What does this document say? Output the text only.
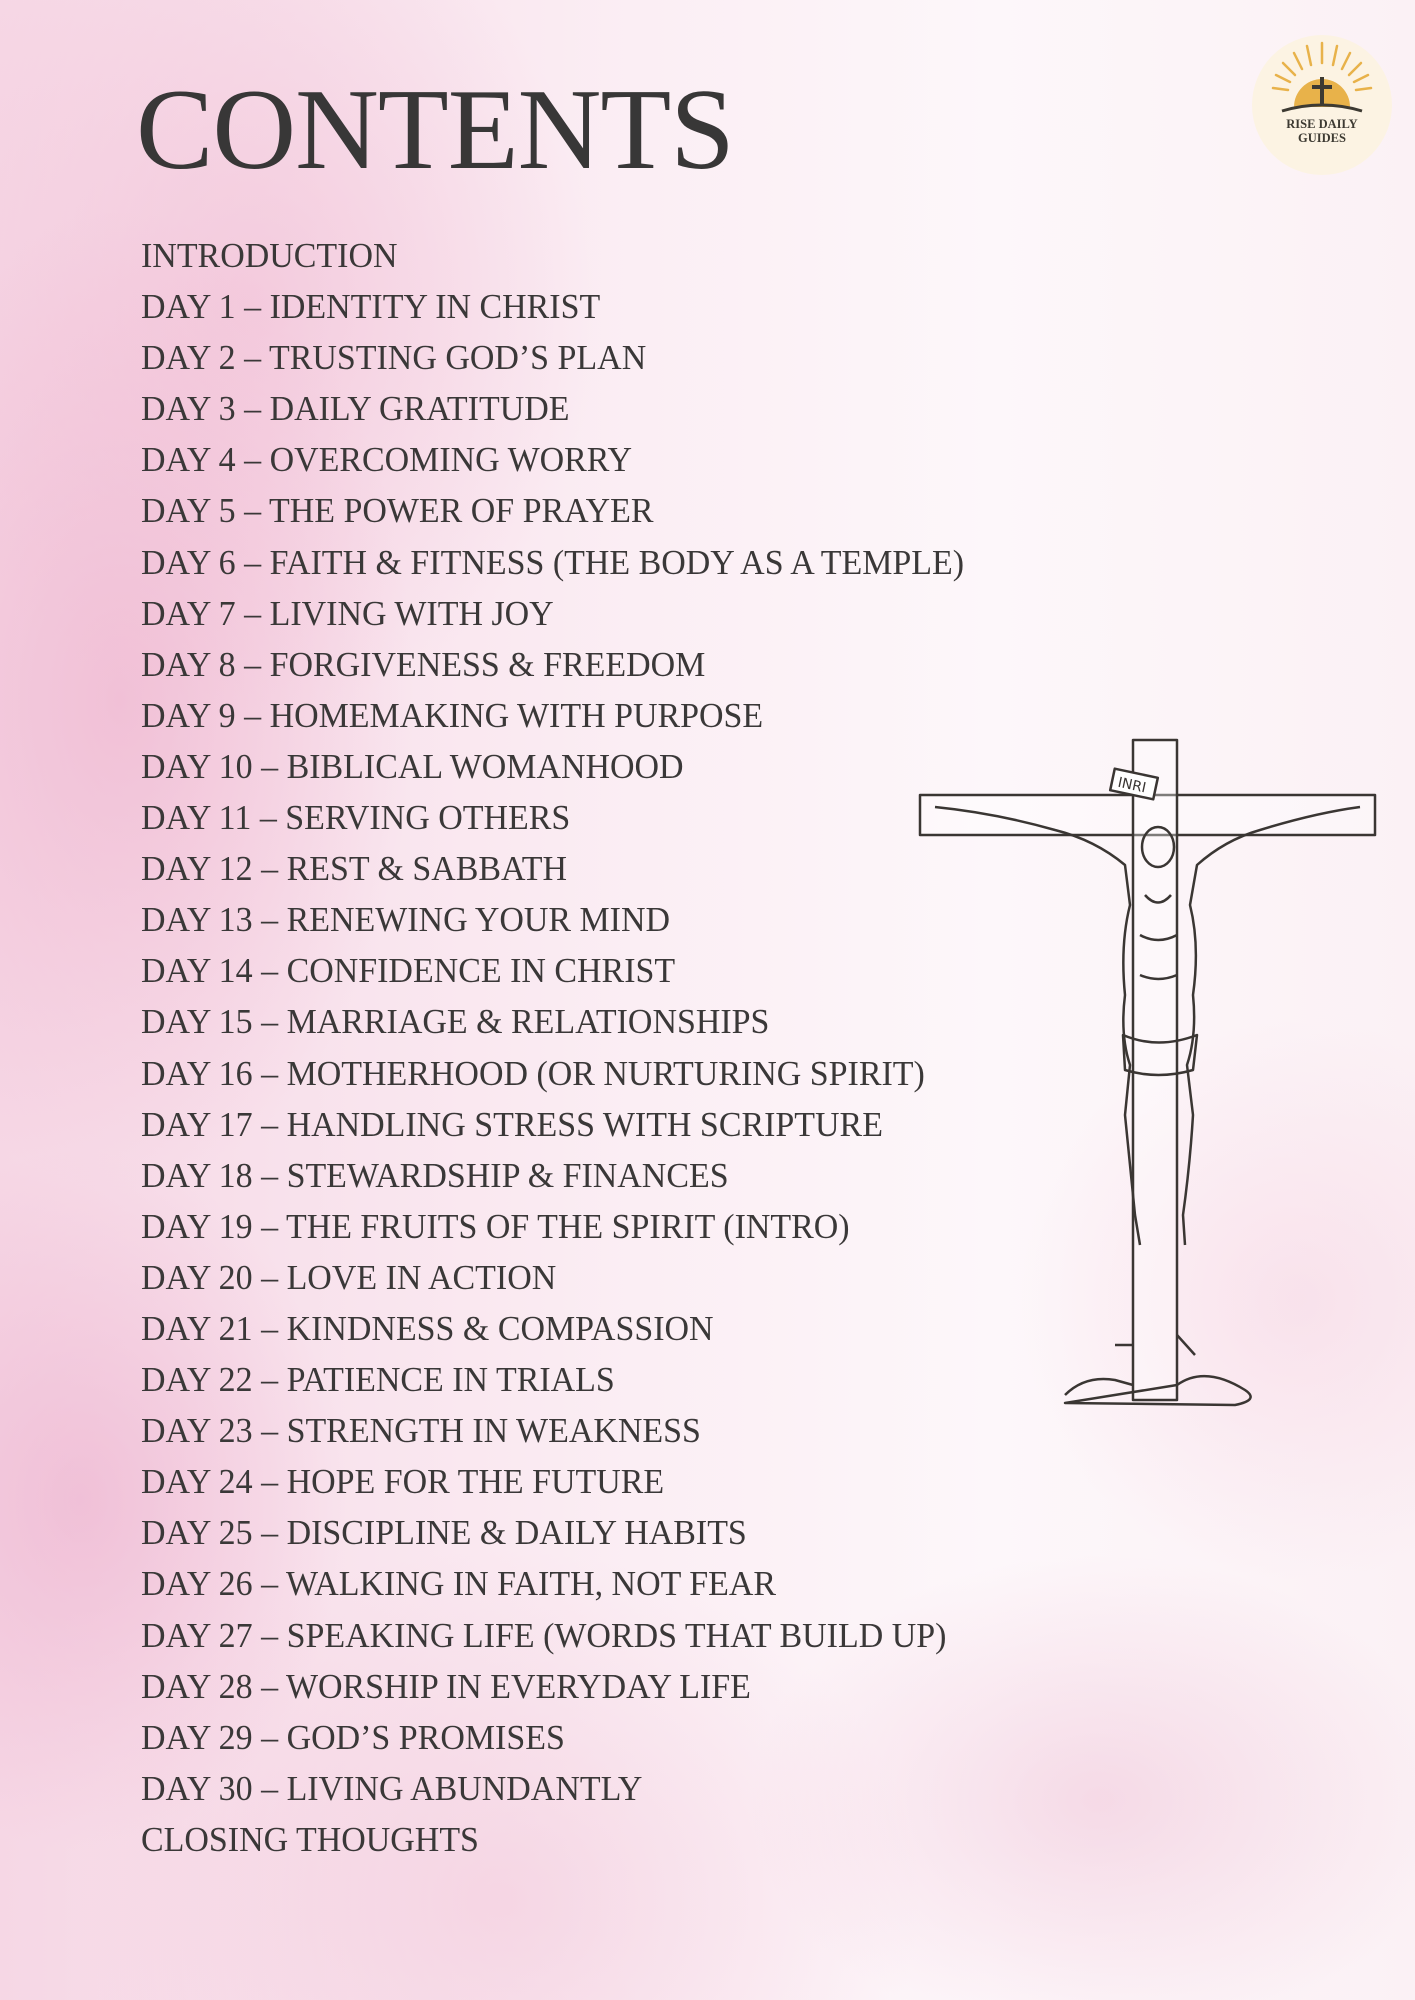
RISE DAILY
GUIDES
CONTENTS
INTRODUCTION
DAY 1 – IDENTITY IN CHRIST
DAY 2 – TRUSTING GOD’S PLAN
DAY 3 – DAILY GRATITUDE
DAY 4 – OVERCOMING WORRY
DAY 5 – THE POWER OF PRAYER
DAY 6 – FAITH & FITNESS (THE BODY AS A TEMPLE)
DAY 7 – LIVING WITH JOY
DAY 8 – FORGIVENESS & FREEDOM
DAY 9 – HOMEMAKING WITH PURPOSE
DAY 10 – BIBLICAL WOMANHOOD
DAY 11 – SERVING OTHERS
DAY 12 – REST & SABBATH
DAY 13 – RENEWING YOUR MIND
DAY 14 – CONFIDENCE IN CHRIST
DAY 15 – MARRIAGE & RELATIONSHIPS
DAY 16 – MOTHERHOOD (OR NURTURING SPIRIT)
DAY 17 – HANDLING STRESS WITH SCRIPTURE
DAY 18 – STEWARDSHIP & FINANCES
DAY 19 – THE FRUITS OF THE SPIRIT (INTRO)
DAY 20 – LOVE IN ACTION
DAY 21 – KINDNESS & COMPASSION
DAY 22 – PATIENCE IN TRIALS
DAY 23 – STRENGTH IN WEAKNESS
DAY 24 – HOPE FOR THE FUTURE
DAY 25 – DISCIPLINE & DAILY HABITS
DAY 26 – WALKING IN FAITH, NOT FEAR
DAY 27 – SPEAKING LIFE (WORDS THAT BUILD UP)
DAY 28 – WORSHIP IN EVERYDAY LIFE
DAY 29 – GOD’S PROMISES
DAY 30 – LIVING ABUNDANTLY
CLOSING THOUGHTS
INRI
